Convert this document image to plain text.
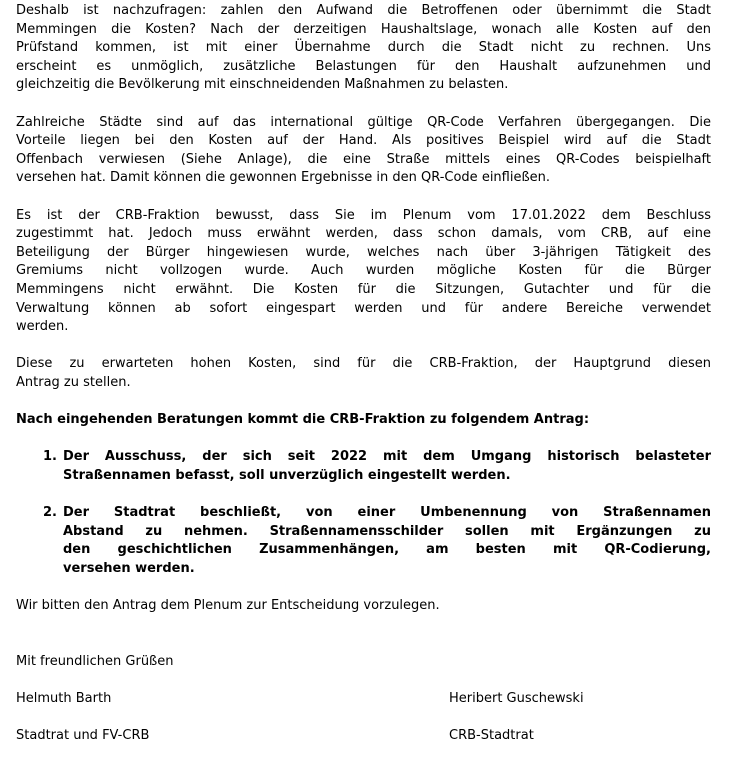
Deshalb ist nachzufragen: zahlen den Aufwand die Betroffenen oder übernimmt die Stadt
Memmingen die Kosten? Nach der derzeitigen Haushaltslage, wonach alle Kosten auf den
Prüfstand kommen, ist mit einer Übernahme durch die Stadt nicht zu rechnen. Uns
erscheint es unmöglich, zusätzliche Belastungen für den Haushalt aufzunehmen und
gleichzeitig die Bevölkerung mit einschneidenden Maßnahmen zu belasten.
Zahlreiche Städte sind auf das international gültige QR-Code Verfahren übergegangen. Die
Vorteile liegen bei den Kosten auf der Hand. Als positives Beispiel wird auf die Stadt
Offenbach verwiesen (Siehe Anlage), die eine Straße mittels eines QR-Codes beispielhaft
versehen hat. Damit können die gewonnen Ergebnisse in den QR-Code einfließen.
Es ist der CRB-Fraktion bewusst, dass Sie im Plenum vom 17.01.2022 dem Beschluss
zugestimmt hat. Jedoch muss erwähnt werden, dass schon damals, vom CRB, auf eine
Beteiligung der Bürger hingewiesen wurde, welches nach über 3-jährigen Tätigkeit des
Gremiums nicht vollzogen wurde. Auch wurden mögliche Kosten für die Bürger
Memmingens nicht erwähnt. Die Kosten für die Sitzungen, Gutachter und für die
Verwaltung können ab sofort eingespart werden und für andere Bereiche verwendet
werden.
Diese zu erwarteten hohen Kosten, sind für die CRB-Fraktion, der Hauptgrund diesen
Antrag zu stellen.
Nach eingehenden Beratungen kommt die CRB-Fraktion zu folgendem Antrag:
1. Der Ausschuss, der sich seit 2022 mit dem Umgang historisch belasteter
Straßennamen befasst, soll unverzüglich eingestellt werden.
2. Der Stadtrat beschließt, von einer Umbenennung von Straßennamen
Abstand zu nehmen. Straßennamensschilder sollen mit Ergänzungen zu
den geschichtlichen Zusammenhängen, am besten mit QR-Codierung,
versehen werden.
Wir bitten den Antrag dem Plenum zur Entscheidung vorzulegen.
Mit freundlichen Grüßen
Helmuth Barth	Heribert Guschewski
Stadtrat und FV-CRB	CRB-Stadtrat
